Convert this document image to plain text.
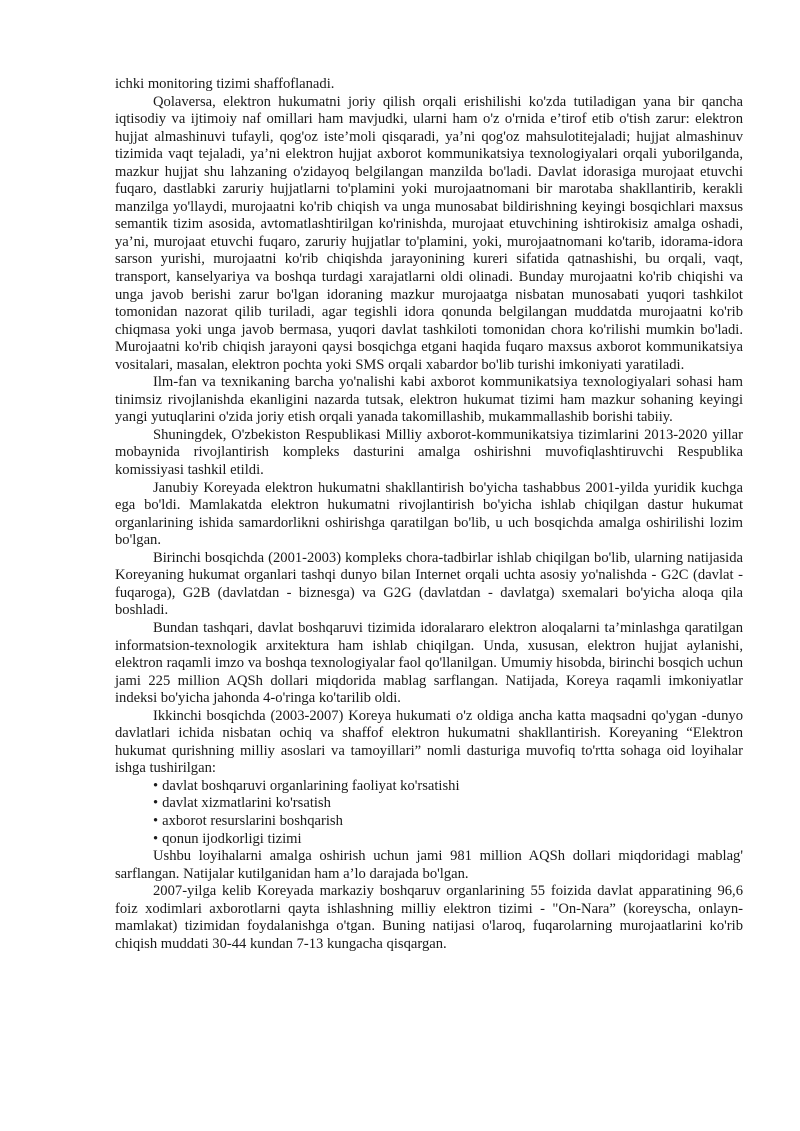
ichki monitoring tizimi shaffoflanadi.

Qolaversa, elektron hukumatni joriy qilish orqali erishilishi ko'zda tutiladigan yana bir qancha iqtisodiy va ijtimoiy naf omillari ham mavjudki, ularni ham o'z o'rnida e’tirof etib o'tish zarur: elektron hujjat almashinuvi tufayli, qog'oz iste’moli qisqaradi, ya’ni qog'oz mahsulotitejaladi; hujjat almashinuv tizimida vaqt tejaladi, ya’ni elektron hujjat axborot kommunikatsiya texnologiyalari orqali yuborilganda, mazkur hujjat shu lahzaning o'zidayoq belgilangan manzilda bo'ladi. Davlat idorasiga murojaat etuvchi fuqaro, dastlabki zaruriy hujjatlarni to'plamini yoki murojaatnomani bir marotaba shakllantirib, kerakli manzilga yo'llaydi, murojaatni ko'rib chiqish va unga munosabat bildirishning keyingi bosqichlari maxsus semantik tizim asosida, avtomatlashtirilgan ko'rinishda, murojaat etuvchining ishtirokisiz amalga oshadi, ya’ni, murojaat etuvchi fuqaro, zaruriy hujjatlar to'plamini, yoki, murojaatnomani ko'tarib, idorama-idora sarson yurishi, murojaatni ko'rib chiqishda jarayonining kureri sifatida qatnashishi, bu orqali, vaqt, transport, kanselyariya va boshqa turdagi xarajatlarni oldi olinadi. Bunday murojaatni ko'rib chiqishi va unga javob berishi zarur bo'lgan idoraning mazkur murojaatga nisbatan munosabati yuqori tashkilot tomonidan nazorat qilib turiladi, agar tegishli idora qonunda belgilangan muddatda murojaatni ko'rib chiqmasa yoki unga javob bermasa, yuqori davlat tashkiloti tomonidan chora ko'rilishi mumkin bo'ladi. Murojaatni ko'rib chiqish jarayoni qaysi bosqichga etgani haqida fuqaro maxsus axborot kommunikatsiya vositalari, masalan, elektron pochta yoki SMS orqali xabardor bo'lib turishi imkoniyati yaratiladi.

Ilm-fan va texnikaning barcha yo'nalishi kabi axborot kommunikatsiya texnologiyalari sohasi ham tinimsiz rivojlanishda ekanligini nazarda tutsak, elektron hukumat tizimi ham mazkur sohaning keyingi yangi yutuqlarini o'zida joriy etish orqali yanada takomillashib, mukammallashib borishi tabiiy.

Shuningdek, O'zbekiston Respublikasi Milliy axborot-kommunikatsiya tizimlarini 2013-2020 yillar mobaynida rivojlantirish kompleks dasturini amalga oshirishni muvofiqlashtiruvchi Respublika komissiyasi tashkil etildi.

Janubiy Koreyada elektron hukumatni shakllantirish bo'yicha tashabbus 2001-yilda yuridik kuchga ega bo'ldi. Mamlakatda elektron hukumatni rivojlantirish bo'yicha ishlab chiqilgan dastur hukumat organlarining ishida samardorlikni oshirishga qaratilgan bo'lib, u uch bosqichda amalga oshirilishi lozim bo'lgan.

Birinchi bosqichda (2001-2003) kompleks chora-tadbirlar ishlab chiqilgan bo'lib, ularning natijasida Koreyaning hukumat organlari tashqi dunyo bilan Internet orqali uchta asosiy yo'nalishda - G2C (davlat - fuqaroga), G2B (davlatdan - biznesga) va G2G (davlatdan - davlatga) sxemalari bo'yicha aloqa qila boshladi.

Bundan tashqari, davlat boshqaruvi tizimida idoralararo elektron aloqalarni ta’minlashga qaratilgan informatsion-texnologik arxitektura ham ishlab chiqilgan. Unda, xususan, elektron hujjat aylanishi, elektron raqamli imzo va boshqa texnologiyalar faol qo'llanilgan. Umumiy hisobda, birinchi bosqich uchun jami 225 million AQSh dollari miqdorida mablag sarflangan. Natijada, Koreya raqamli imkoniyatlar indeksi bo'yicha jahonda 4-o'ringa ko'tarilib oldi.

Ikkinchi bosqichda (2003-2007) Koreya hukumati o'z oldiga ancha katta maqsadni qo'ygan -dunyo davlatlari ichida nisbatan ochiq va shaffof elektron hukumatni shakllantirish. Koreyaning “Elektron hukumat qurishning milliy asoslari va tamoyillari” nomli dasturiga muvofiq to'rtta sohaga oid loyihalar ishga tushirilgan:

• davlat boshqaruvi organlarining faoliyat ko'rsatishi
• davlat xizmatlarini ko'rsatish
• axborot resurslarini boshqarish
• qonun ijodkorligi tizimi

Ushbu loyihalarni amalga oshirish uchun jami 981 million AQSh dollari miqdoridagi mablag' sarflangan. Natijalar kutilganidan ham a’lo darajada bo'lgan.

2007-yilga kelib Koreyada markaziy boshqaruv organlarining 55 foizida davlat apparatining 96,6 foiz xodimlari axborotlarni qayta ishlashning milliy elektron tizimi - "On-Nara” (koreyscha, onlayn-mamlakat) tizimidan foydalanishga o'tgan. Buning natijasi o'laroq, fuqarolarning murojaatlarini ko'rib chiqish muddati 30-44 kundan 7-13 kungacha qisqargan.
